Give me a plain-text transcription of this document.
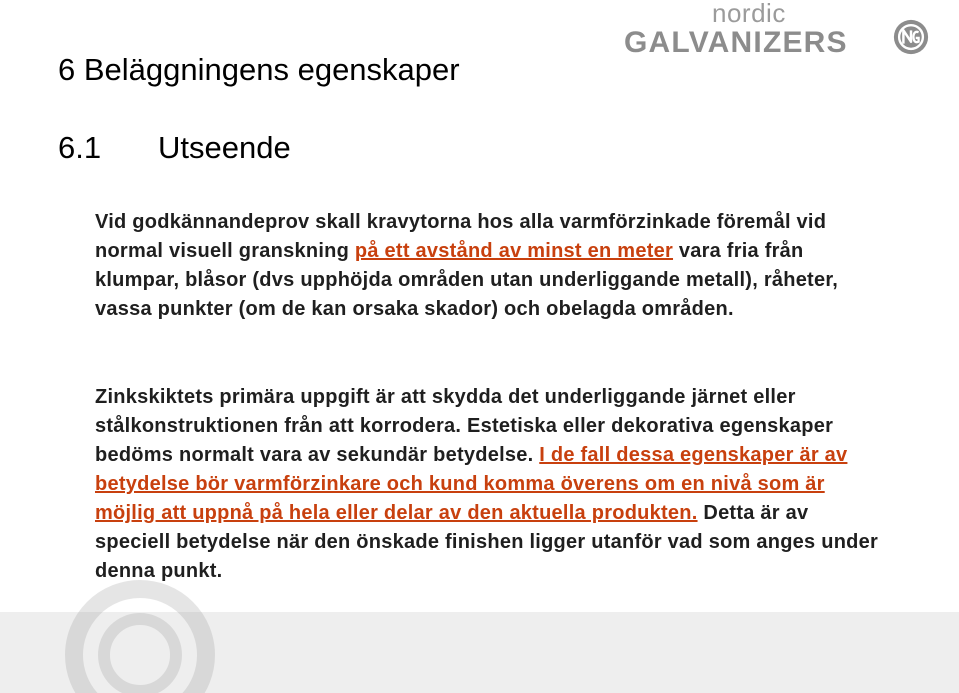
nordic
GALVANIZERS
6 Beläggningens egenskaper
6.1 Utseende

Vid godkännandeprov skall kravytorna hos alla varmförzinkade föremål vid normal visuell granskning på ett avstånd av minst en meter vara fria från klumpar, blåsor (dvs upphöjda områden utan underliggande metall), råheter, vassa punkter (om de kan orsaka skador) och obelagda områden.

Zinkskiktets primära uppgift är att skydda det underliggande järnet eller stålkonstruktionen från att korrodera. Estetiska eller dekorativa egenskaper bedöms normalt vara av sekundär betydelse. I de fall dessa egenskaper är av betydelse bör varmförzinkare och kund komma överens om en nivå som är möjlig att uppnå på hela eller delar av den aktuella produkten. Detta är av speciell betydelse när den önskade finishen ligger utanför vad som anges under denna punkt.
